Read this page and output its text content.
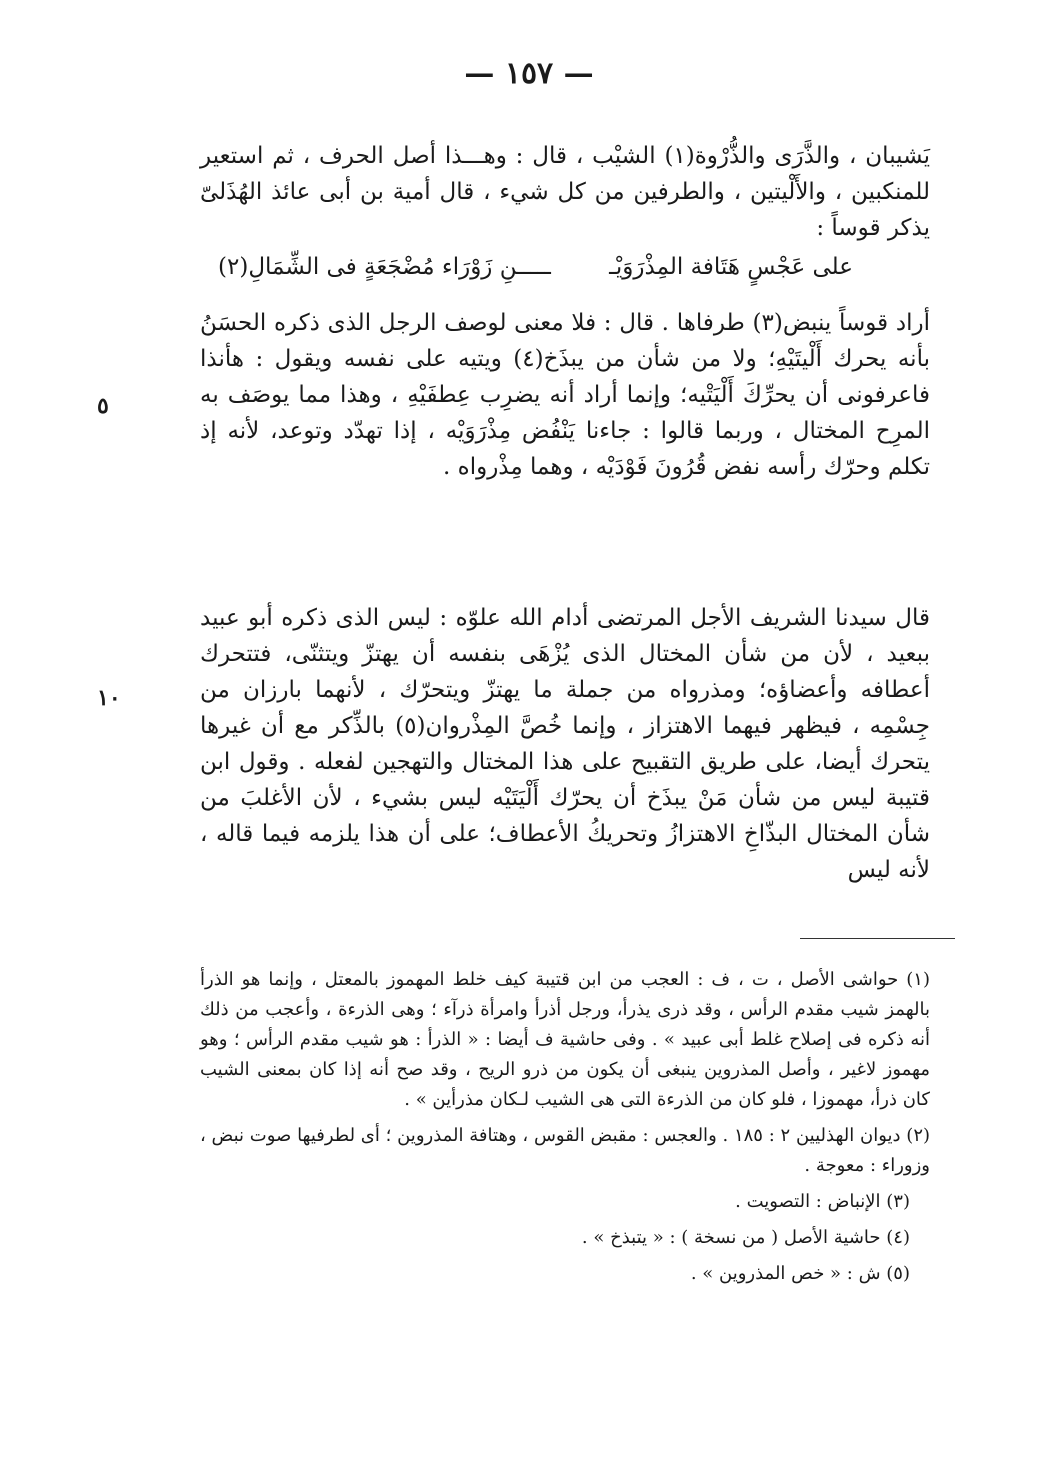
— ١٥٧ —
يَشيبان ، والذَّرَى والذُّرْوة(١) الشيْب ، قال : وهـــذا أصل الحرف ، ثم استعير للمنكبين ، والأَلْيتين ، والطرفين من كل شيء ، قال أمية بن أبى عائذ الهُذَلىّ يذكر قوساً :
على عَجْسٍ هَتَافة المِذْرَوَيْـ
ـــــنِ زَوْرَاء مُضْجَعَةٍ فى الشِّمَالِ(٢)
أراد قوساً ينبض(٣) طرفاها . قال : فلا معنى لوصف الرجل الذى ذكره الحسَنُ بأنه يحرك أَلْيتَيْهِ؛ ولا من شأن من يبذَخ(٤) ويتيه على نفسه ويقول : هأنذا فاعرفونى أن يحرِّكَ أَلْيَتْيه؛ وإنما أراد أنه يضرِب عِطفَيْهِ ، وهذا مما يوصَف به المرِح المختال ، وربما قالوا : جاءنا يَنْفُض مِذْرَوَيْه ، إذا تهدّد وتوعد، لأنه إذ تكلم وحرّك رأسه نفض قُرُونَ فَوْدَيْه ، وهما مِذْرواه .
قال سيدنا الشريف الأجل المرتضى أدام الله علوّه : ليس الذى ذكره أبو عبيد ببعيد ، لأن من شأن المختال الذى يُزْهَى بنفسه أن يهتزّ ويتثنّى، فتتحرك أعطافه وأعضاؤه؛ ومذرواه من جملة ما يهتزّ ويتحرّك ، لأنهما بارزان من جِسْمِه ، فيظهر فيهما الاهتزاز ، وإنما خُصَّ المِذْروان(٥) بالذِّكر مع أن غيرها يتحرك أيضا، على طريق التقبيح على هذا المختال والتهجين لفعله . وقول ابن قتيبة ليس من شأن مَنْ يبذَخ أن يحرّك أَلْيَتَيْه ليس بشيء ، لأن الأغلبَ من شأن المختال البذّاخِ الاهتزازُ وتحريكُ الأعطاف؛ على أن هذا يلزمه فيما قاله ، لأنه ليس
٥
١٠

(١) حواشى الأصل ، ت ، ف : العجب من ابن قتيبة كيف خلط المهموز بالمعتل ، وإنما هو الذرأ بالهمز شيب مقدم الرأس ، وقد ذرى يذرأ، ورجل أذرأ وامرأة ذرآء ؛ وهى الذرءة ، وأعجب من ذلك أنه ذكره فى إصلاح غلط أبى عبيد » . وفى حاشية ف أيضا : « الذرأ : هو شيب مقدم الرأس ؛ وهو مهموز لاغير ، وأصل المذروين ينبغى أن يكون من ذرو الريح ، وقد صح أنه إذا كان بمعنى الشيب كان ذرأ، مهموزا ، فلو كان من الذرءة التى هى الشيب لـكان مذرأين » .

(٢) ديوان الهذليين ٢ : ١٨٥ . والعجس : مقبض القوس ، وهتافة المذروين ؛ أى لطرفيها صوت نبض ، وزوراء : معوجة .

(٣) الإنباض : التصويت .

(٤) حاشية الأصل ( من نسخة ) : « يتبذخ » .

(٥) ش : « خص المذروين » .
